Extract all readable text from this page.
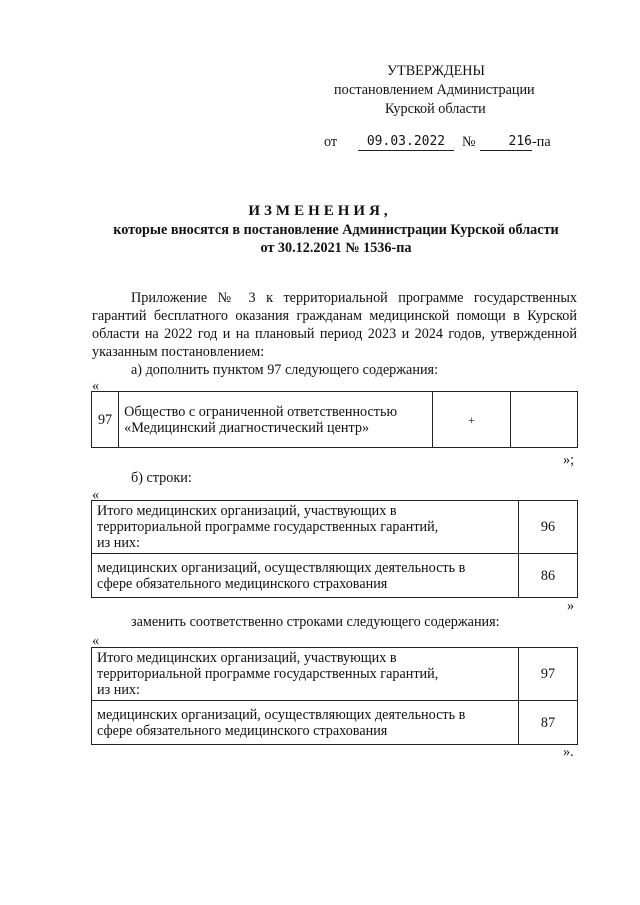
УТВЕРЖДЕНЫ
постановлением Администрации
Курской области
от	09.03.2022	№	216 -па
ИЗМЕНЕНИЯ,
которые вносятся в постановление Администрации Курской области
от 30.12.2021 № 1536-па
Приложение № 3 к территориальной программе государственных
гарантий бесплатного оказания гражданам медицинской помощи в Курской
области на 2022 год и на плановый период 2023 и 2024 годов, утвержденной
указанным постановлением:
а) дополнить пунктом 97 следующего содержания:
«
97	Общество с ограниченной ответственностью
«Медицинский диагностический центр»	+	
»;
б) строки:
«
Итого медицинских организаций, участвующих в
территориальной программе государственных гарантий,
из них:	96

медицинских организаций, осуществляющих деятельность в
сфере обязательного медицинского страхования	86
»
заменить соответственно строками следующего содержания:
«
Итого медицинских организаций, участвующих в
территориальной программе государственных гарантий,
из них:	97

медицинских организаций, осуществляющих деятельность в
сфере обязательного медицинского страхования	87
».
